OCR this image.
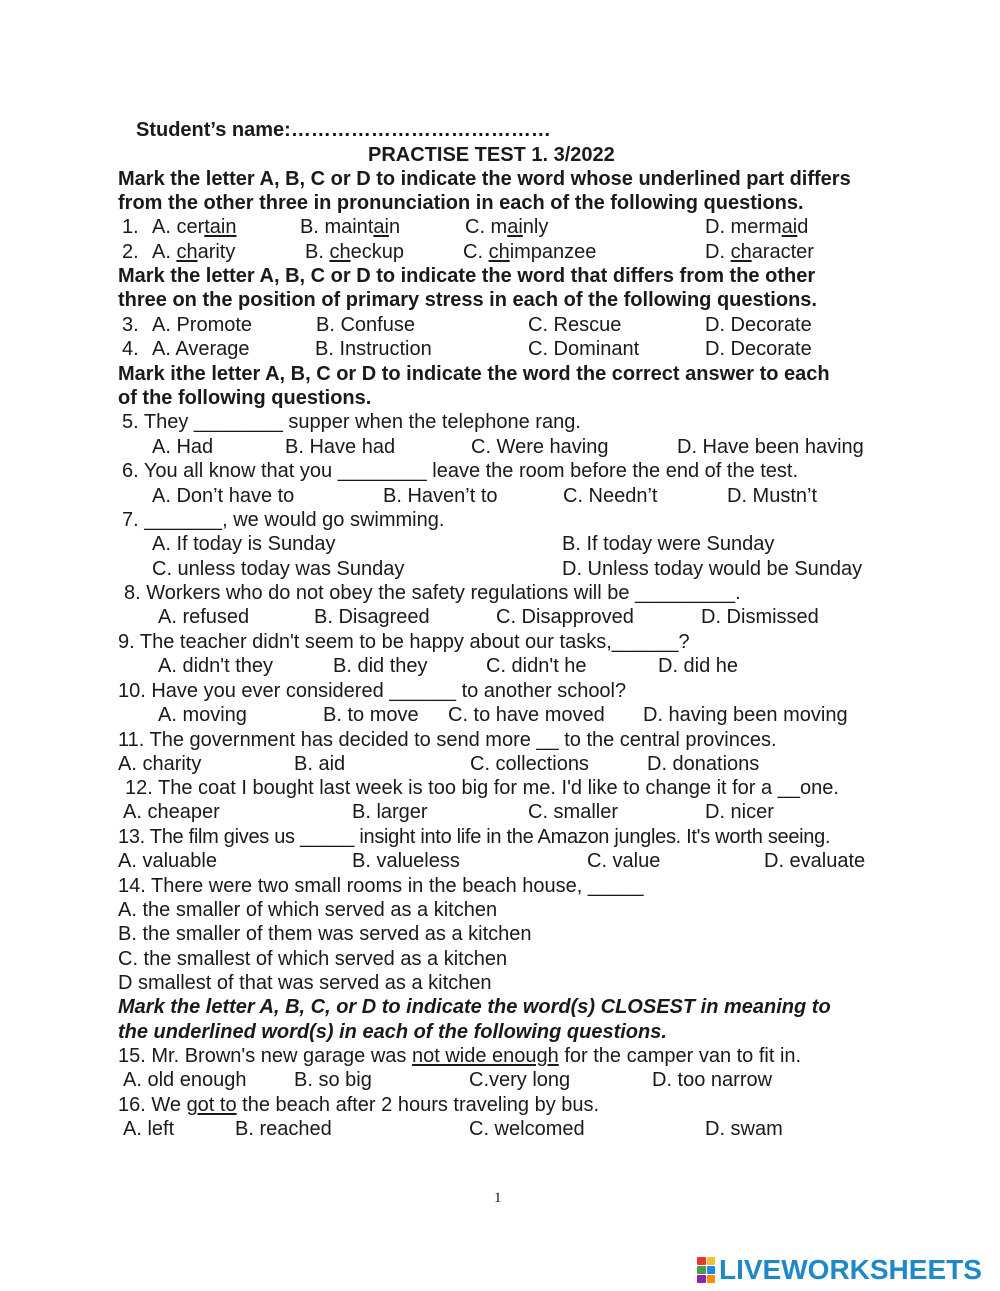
Student’s name:…………………………………
PRACTISE TEST 1. 3/2022
Mark the letter A, B, C or D to indicate the word whose underlined part differs
from the other three in pronunciation in each of the following questions.
1. A. certain	B. maintain	C. mainly	D. mermaid
2. A. charity	B. checkup	C. chimpanzee	D. character
Mark the letter A, B, C or D to indicate the word that differs from the other
three on the position of primary stress in each of the following questions.
3. A. Promote	B. Confuse	C. Rescue	D. Decorate
4. A. Average	B. Instruction	C. Dominant	D. Decorate
Mark ithe letter A, B, C or D to indicate the word the correct answer to each
of the following questions.
5. They ________ supper when the telephone rang.
A. Had	B. Have had	C. Were having	D. Have been having
6. You all know that you ________ leave the room before the end of the test.
A. Don’t have to	B. Haven’t to	C. Needn’t	D. Mustn’t
7. _______, we would go swimming.
A. If today is Sunday	B. If today were Sunday
C. unless today was Sunday	D. Unless today would be Sunday
8. Workers who do not obey the safety regulations will be _________.
A. refused	B. Disagreed	C. Disapproved	D. Dismissed
9. The teacher didn't seem to be happy about our tasks,______?
A. didn't they	B. did they	C. didn't he	D. did he
10. Have you ever considered ______ to another school?
A. moving	B. to move C. to have moved D. having been moving
11. The government has decided to send more __ to the central provinces.
A. charity	B. aid	C. collections	D. donations
12. The coat I bought last week is too big for me. I'd like to change it for a __one.
A. cheaper	B. larger	C. smaller	D. nicer
13. The film gives us _____ insight into life in the Amazon jungles. It's worth seeing.
A. valuable	B. valueless	C. value	D. evaluate
14. There were two small rooms in the beach house, _____
A. the smaller of which served as a kitchen
B. the smaller of them was served as a kitchen
C. the smallest of which served as a kitchen
D smallest of that was served as a kitchen
Mark the letter A, B, C, or D to indicate the word(s) CLOSEST in meaning to
the underlined word(s) in each of the following questions.
15. Mr. Brown's new garage was not wide enough for the camper van to fit in.
A. old enough B. so big	C.very long	D. too narrow
16. We got to the beach after 2 hours traveling by bus.
A. left	B. reached	C. welcomed	D. swam
1
LIVEWORKSHEETS
